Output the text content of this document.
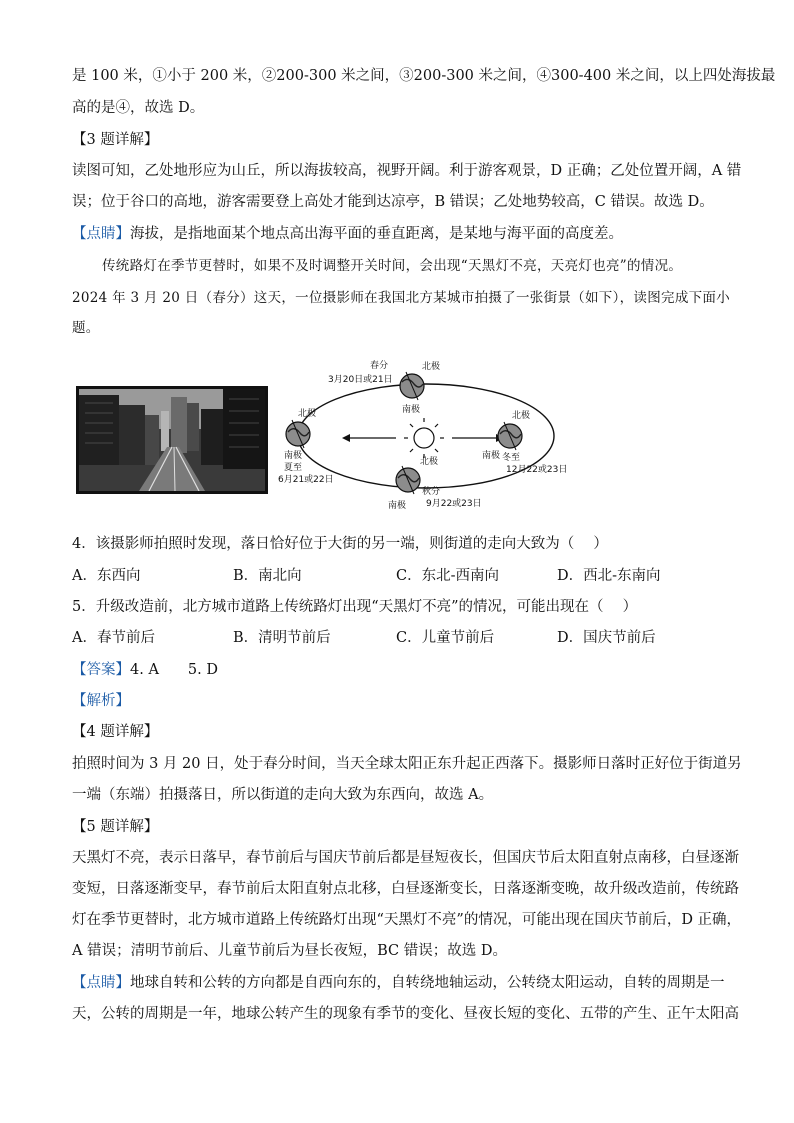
是 100 米，①小于 200 米，②200-300 米之间，③200-300 米之间，④300-400 米之间，以上四处海拔最
高的是④，故选 D。
【3 题详解】
读图可知，乙处地形应为山丘，所以海拔较高，视野开阔。利于游客观景，D 正确；乙处位置开阔，A 错
误；位于谷口的高地，游客需要登上高处才能到达凉亭，B 错误；乙处地势较高，C 错误。故选 D。
【点睛】海拔，是指地面某个地点高出海平面的垂直距离，是某地与海平面的高度差。
传统路灯在季节更替时，如果不及时调整开关时间，会出现“天黑灯不亮，天亮灯也亮”的情况。
2024 年 3 月 20 日（春分）这天，一位摄影师在我国北方某城市拍摄了一张街景（如下），读图完成下面小
题。
春分
3月20日或21日
北极
南极
北极
南极
夏至
6月21或22日
北极
南极 冬至
12月22或23日
北极
秋分
9月22或23日
南极
4．该摄影师拍照时发现，落日恰好位于大街的另一端，则街道的走向大致为（　 ）
A．东西向	B．南北向	C．东北-西南向	D．西北-东南向
5．升级改造前，北方城市道路上传统路灯出现“天黑灯不亮”的情况，可能出现在（　 ）
A．春节前后	B．清明节前后	C．儿童节前后	D．国庆节前后
【答案】4. A　　5. D
【解析】
【4 题详解】
拍照时间为 3 月 20 日，处于春分时间，当天全球太阳正东升起正西落下。摄影师日落时正好位于街道另
一端（东端）拍摄落日，所以街道的走向大致为东西向，故选 A。
【5 题详解】
天黑灯不亮，表示日落早，春节前后与国庆节前后都是昼短夜长，但国庆节后太阳直射点南移，白昼逐渐
变短，日落逐渐变早，春节前后太阳直射点北移，白昼逐渐变长，日落逐渐变晚，故升级改造前，传统路
灯在季节更替时，北方城市道路上传统路灯出现“天黑灯不亮”的情况，可能出现在国庆节前后，D 正确，
A 错误；清明节前后、儿童节前后为昼长夜短，BC 错误；故选 D。
【点睛】地球自转和公转的方向都是自西向东的，自转绕地轴运动，公转绕太阳运动，自转的周期是一
天，公转的周期是一年，地球公转产生的现象有季节的变化、昼夜长短的变化、五带的产生、正午太阳高
